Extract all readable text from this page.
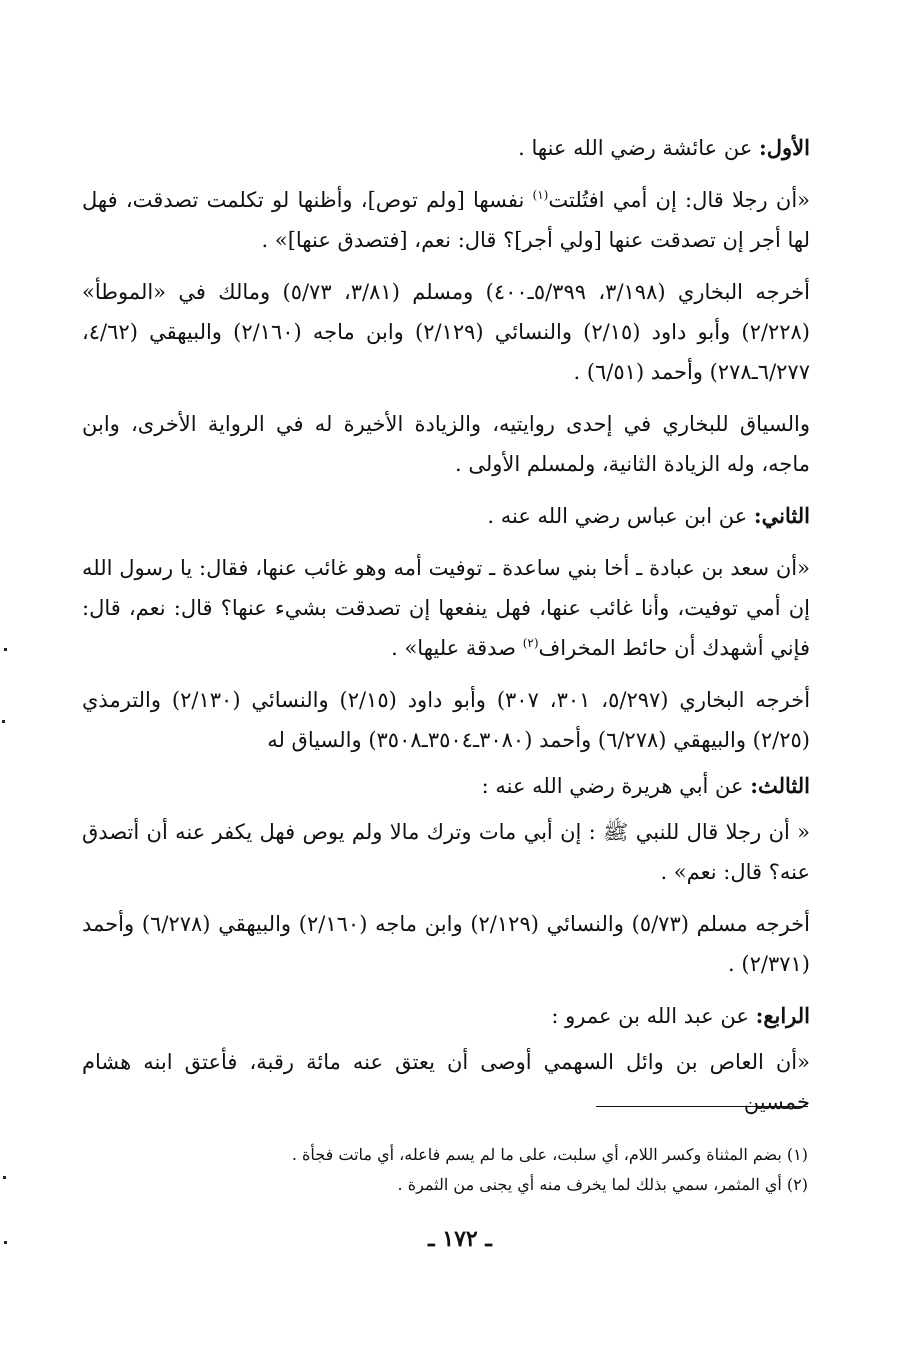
الأول: عن عائشة رضي الله عنها .

«أن رجلا قال: إن أمي افتُلتت$^{(١)}$ نفسها [ولم توص]، وأظنها لو تكلمت تصدقت، فهل لها أجر إن تصدقت عنها [ولي أجر]؟ قال: نعم، [فتصدق عنها]» .

أخرجه البخاري (٣/١٩٨، ٥/٣٩٩ـ٤٠٠) ومسلم (٣/٨١، ٥/٧٣) ومالك في «الموطأ» (٢/٢٢٨) وأبو داود (٢/١٥) والنسائي (٢/١٢٩) وابن ماجه (٢/١٦٠) والبيهقي (٤/٦٢، ٦/٢٧٧ـ٢٧٨) وأحمد (٦/٥١) .

والسياق للبخاري في إحدى روايتيه، والزيادة الأخيرة له في الرواية الأخرى، وابن ماجه، وله الزيادة الثانية، ولمسلم الأولى .

الثاني: عن ابن عباس رضي الله عنه .

«أن سعد بن عبادة ـ أخا بني ساعدة ـ توفيت أمه وهو غائب عنها، فقال: يا رسول الله إن أمي توفيت، وأنا غائب عنها، فهل ينفعها إن تصدقت بشيء عنها؟ قال: نعم، قال: فإني أشهدك أن حائط المخراف$^{(٢)}$ صدقة عليها» .

أخرجه البخاري (٥/٢٩٧، ٣٠١، ٣٠٧) وأبو داود (٢/١٥) والنسائي (٢/١٣٠) والترمذي (٢/٢٥) والبيهقي (٦/٢٧٨) وأحمد (٣٠٨٠ـ٣٥٠٤ـ٣٥٠٨) والسياق له

الثالث: عن أبي هريرة رضي الله عنه :

« أن رجلا قال للنبي ﷺ : إن أبي مات وترك مالا ولم يوص فهل يكفر عنه أن أتصدق عنه؟ قال: نعم» .

أخرجه مسلم (٥/٧٣) والنسائي (٢/١٢٩) وابن ماجه (٢/١٦٠) والبيهقي (٦/٢٧٨) وأحمد (٢/٣٧١) .

الرابع: عن عبد الله بن عمرو :

«أن العاص بن وائل السهمي أوصى أن يعتق عنه مائة رقبة، فأعتق ابنه هشام خمسين

(١) بضم المثناة وكسر اللام، أي سلبت، على ما لم يسم فاعله، أي ماتت فجأة .

(٢) أي المثمر، سمي بذلك لما يخرف منه أي يجنى من الثمرة .

ـ ١٧٢ ـ
